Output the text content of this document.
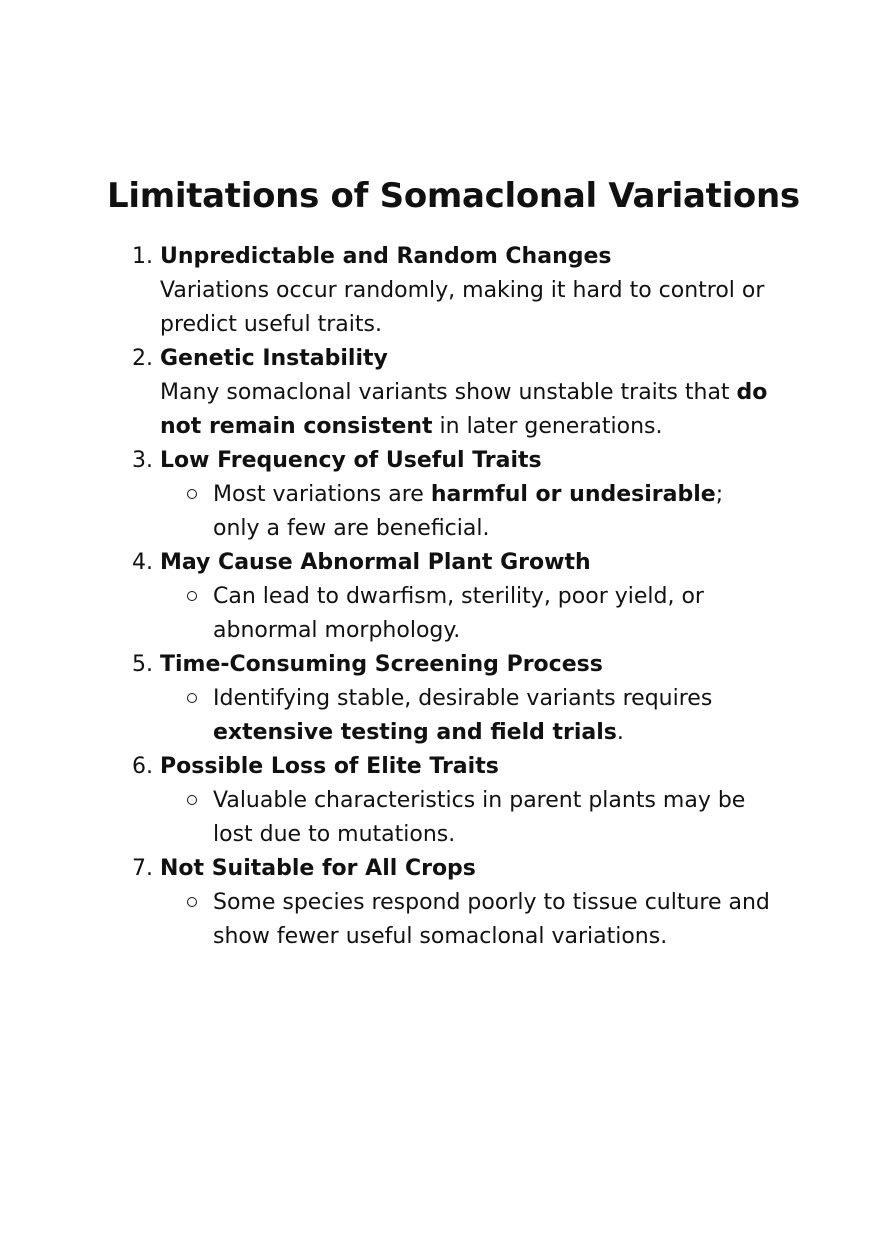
Limitations of Somaclonal Variations
1. Unpredictable and Random Changes
Variations occur randomly, making it hard to control or predict useful traits.
2. Genetic Instability
Many somaclonal variants show unstable traits that do not remain consistent in later generations.
3. Low Frequency of Useful Traits
Most variations are harmful or undesirable; only a few are beneficial.
4. May Cause Abnormal Plant Growth
Can lead to dwarfism, sterility, poor yield, or abnormal morphology.
5. Time-Consuming Screening Process
Identifying stable, desirable variants requires extensive testing and field trials.
6. Possible Loss of Elite Traits
Valuable characteristics in parent plants may be lost due to mutations.
7. Not Suitable for All Crops
Some species respond poorly to tissue culture and show fewer useful somaclonal variations.
